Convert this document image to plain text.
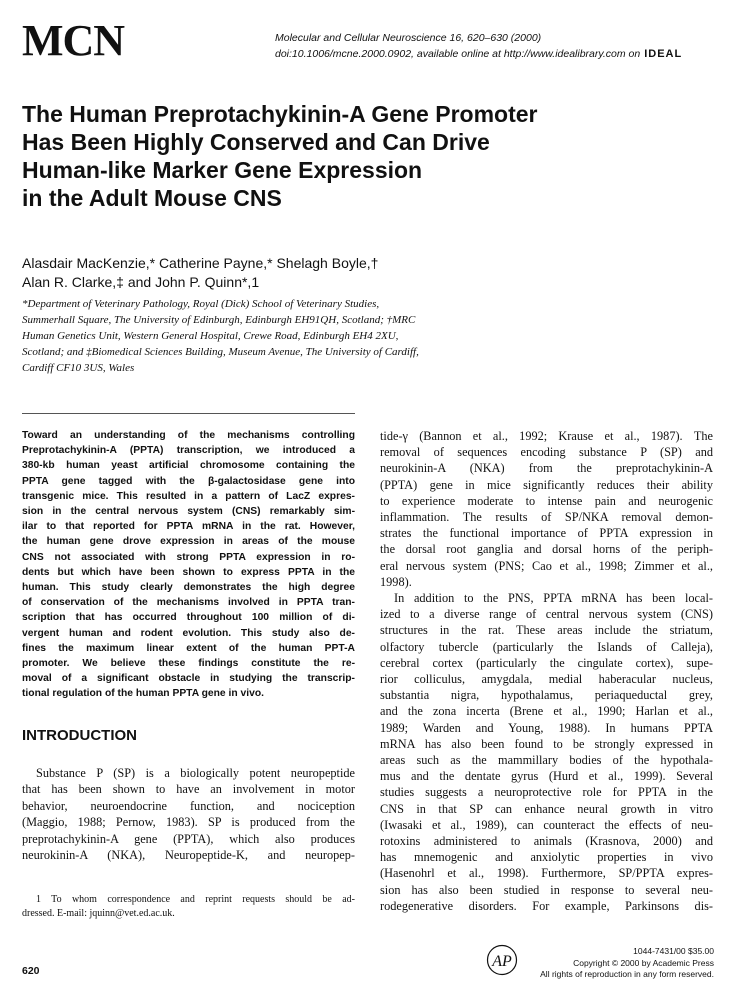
MCN	Molecular and Cellular Neuroscience 16, 620–630 (2000)
doi:10.1006/mcne.2000.0902, available online at http://www.idealibrary.com on IDEAL
The Human Preprotachykinin-A Gene Promoter
Has Been Highly Conserved and Can Drive
Human-like Marker Gene Expression
in the Adult Mouse CNS
Alasdair MacKenzie,* Catherine Payne,* Shelagh Boyle,†
Alan R. Clarke,‡ and John P. Quinn*,1
*Department of Veterinary Pathology, Royal (Dick) School of Veterinary Studies,
Summerhall Square, The University of Edinburgh, Edinburgh EH91QH, Scotland; †MRC
Human Genetics Unit, Western General Hospital, Crewe Road, Edinburgh EH4 2XU,
Scotland; and ‡Biomedical Sciences Building, Museum Avenue, The University of Cardiff,
Cardiff CF10 3US, Wales
Toward an understanding of the mechanisms controlling
Preprotachykinin-A (PPTA) transcription, we introduced a
380-kb human yeast artificial chromosome containing the
PPTA gene tagged with the β-galactosidase gene into
transgenic mice. This resulted in a pattern of LacZ expres-
sion in the central nervous system (CNS) remarkably sim-
ilar to that reported for PPTA mRNA in the rat. However,
the human gene drove expression in areas of the mouse
CNS not associated with strong PPTA expression in ro-
dents but which have been shown to express PPTA in the
human. This study clearly demonstrates the high degree
of conservation of the mechanisms involved in PPTA tran-
scription that has occurred throughout 100 million of di-
vergent human and rodent evolution. This study also de-
fines the maximum linear extent of the human PPT-A
promoter. We believe these findings constitute the re-
moval of a significant obstacle in studying the transcrip-
tional regulation of the human PPTA gene in vivo.
INTRODUCTION
Substance P (SP) is a biologically potent neuropeptide
that has been shown to have an involvement in motor
behavior, neuroendocrine function, and nociception
(Maggio, 1988; Pernow, 1983). SP is produced from the
preprotachykinin-A gene (PPTA), which also produces
neurokinin-A (NKA), Neuropeptide-K, and neuropep-
1 To whom correspondence and reprint requests should be ad-
dressed. E-mail: jquinn@vet.ed.ac.uk.
tide-γ (Bannon et al., 1992; Krause et al., 1987). The
removal of sequences encoding substance P (SP) and
neurokinin-A (NKA) from the preprotachykinin-A
(PPTA) gene in mice significantly reduces their ability
to experience moderate to intense pain and neurogenic
inflammation. The results of SP/NKA removal demon-
strates the functional importance of PPTA expression in
the dorsal root ganglia and dorsal horns of the periph-
eral nervous system (PNS; Cao et al., 1998; Zimmer et al.,
1998).
In addition to the PNS, PPTA mRNA has been local-
ized to a diverse range of central nervous system (CNS)
structures in the rat. These areas include the striatum,
olfactory tubercle (particularly the Islands of Calleja),
cerebral cortex (particularly the cingulate cortex), supe-
rior colliculus, amygdala, medial haberacular nucleus,
substantia nigra, hypothalamus, periaqueductal grey,
and the zona incerta (Brene et al., 1990; Harlan et al.,
1989; Warden and Young, 1988). In humans PPTA
mRNA has also been found to be strongly expressed in
areas such as the mammillary bodies of the hypothala-
mus and the dentate gyrus (Hurd et al., 1999). Several
studies suggests a neuroprotective role for PPTA in the
CNS in that SP can enhance neural growth in vitro
(Iwasaki et al., 1989), can counteract the effects of neu-
rotoxins administered to animals (Krasnova, 2000) and
has mnemogenic and anxiolytic properties in vivo
(Hasenohrl et al., 1998). Furthermore, SP/PPTA expres-
sion has also been studied in response to several neu-
rodegenerative disorders. For example, Parkinsons dis-
620
AP
1044-7431/00 $35.00
Copyright © 2000 by Academic Press
All rights of reproduction in any form reserved.
